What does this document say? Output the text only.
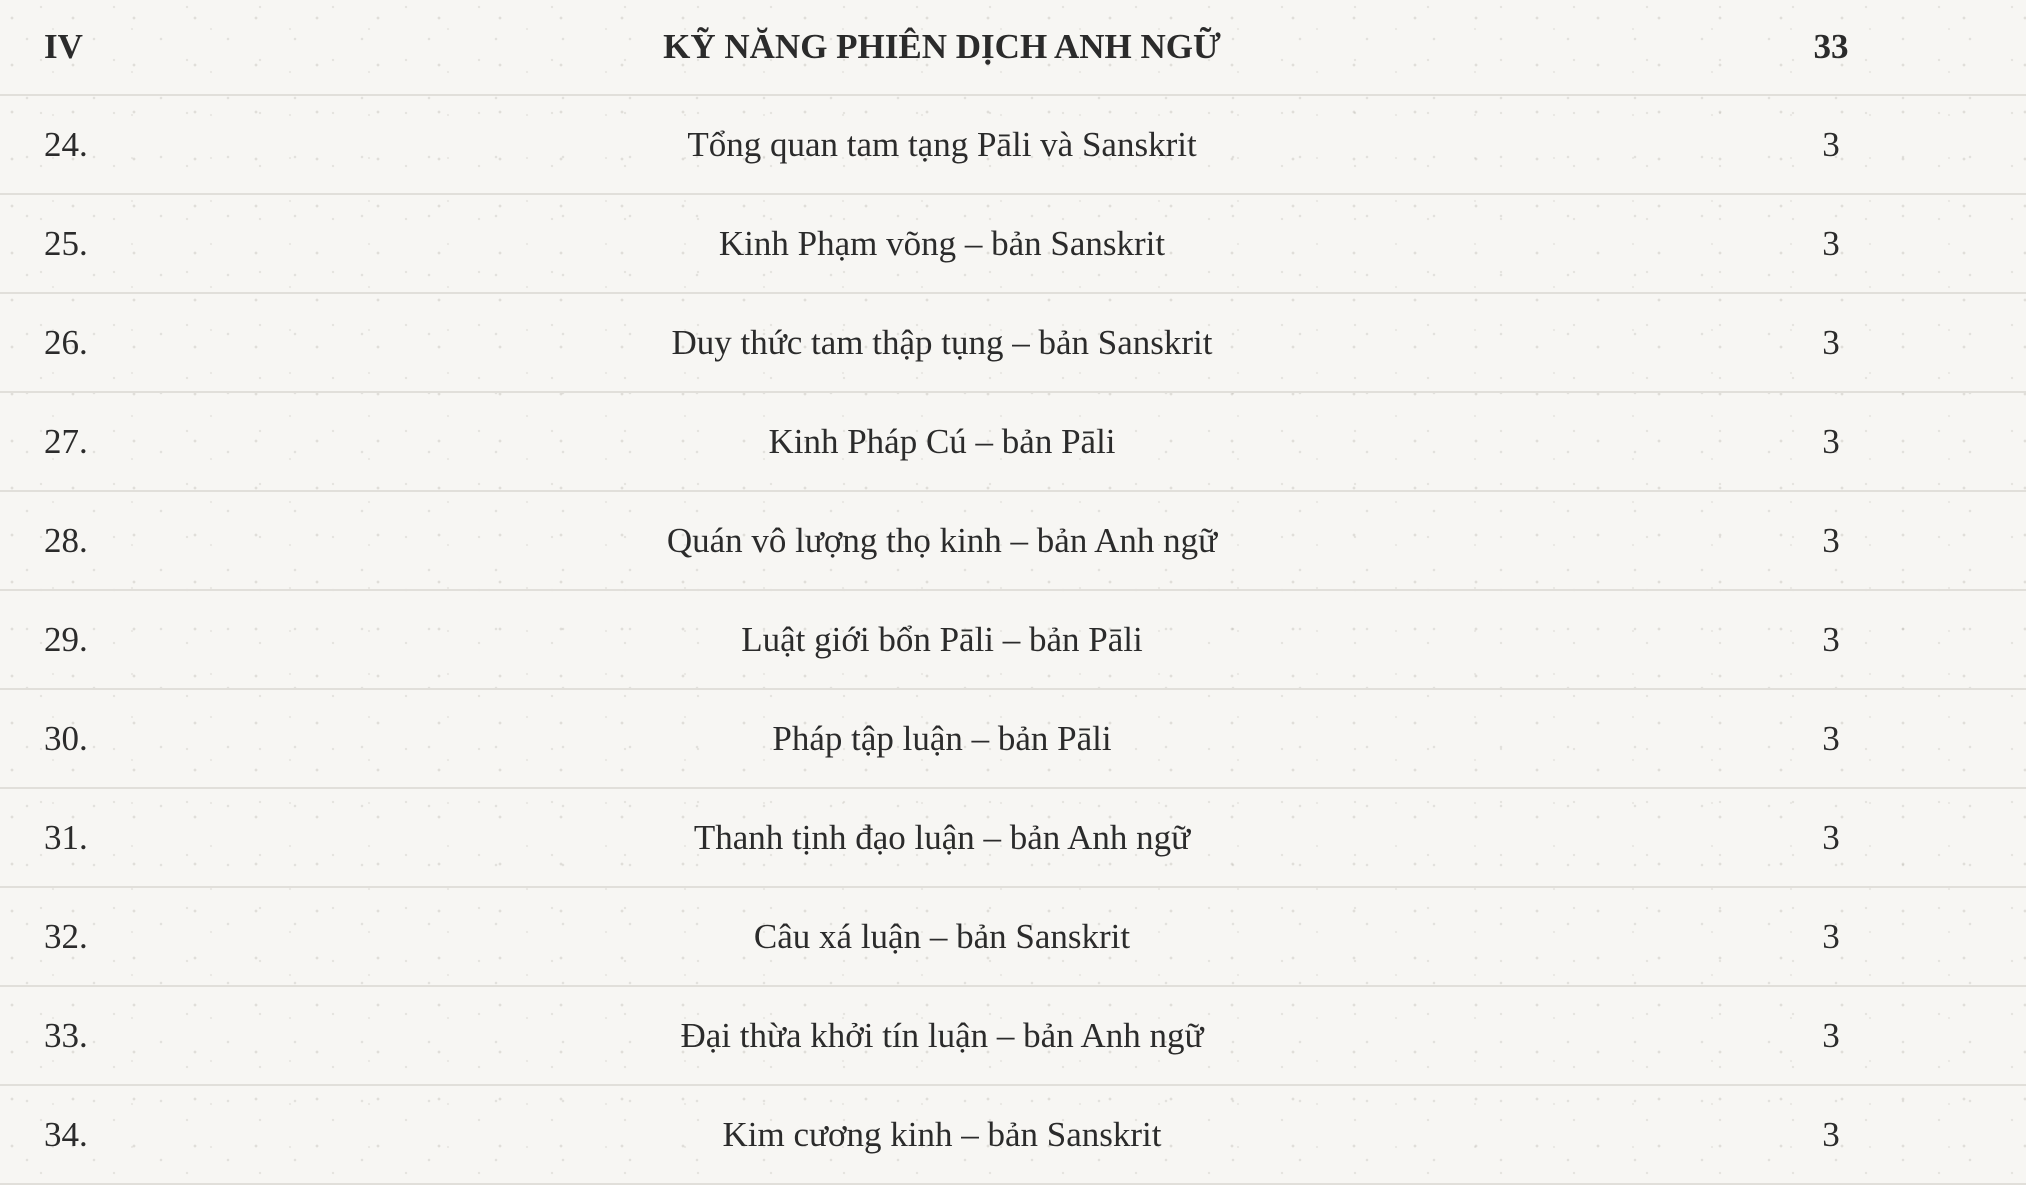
IV	KỸ NĂNG PHIÊN DỊCH ANH NGỮ	33
24.	Tổng quan tam tạng Pāli và Sanskrit	3
25.	Kinh Phạm võng – bản Sanskrit	3
26.	Duy thức tam thập tụng – bản Sanskrit	3
27.	Kinh Pháp Cú – bản Pāli	3
28.	Quán vô lượng thọ kinh – bản Anh ngữ	3
29.	Luật giới bổn Pāli – bản Pāli	3
30.	Pháp tập luận – bản Pāli	3
31.	Thanh tịnh đạo luận – bản Anh ngữ	3
32.	Câu xá luận – bản Sanskrit	3
33.	Đại thừa khởi tín luận – bản Anh ngữ	3
34.	Kim cương kinh – bản Sanskrit	3
